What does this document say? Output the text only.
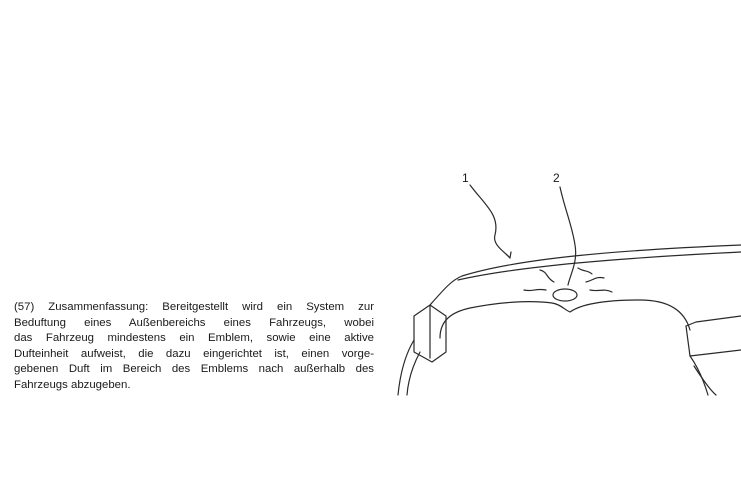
(57) Zusammenfassung: Bereitgestellt wird ein System zur
Beduftung eines Außenbereichs eines Fahrzeugs, wobei
das Fahrzeug mindestens ein Emblem, sowie eine aktive
Dufteinheit aufweist, die dazu eingerichtet ist, einen vorge-
gebenen Duft im Bereich des Emblems nach außerhalb des
Fahrzeugs abzugeben.
1	2
